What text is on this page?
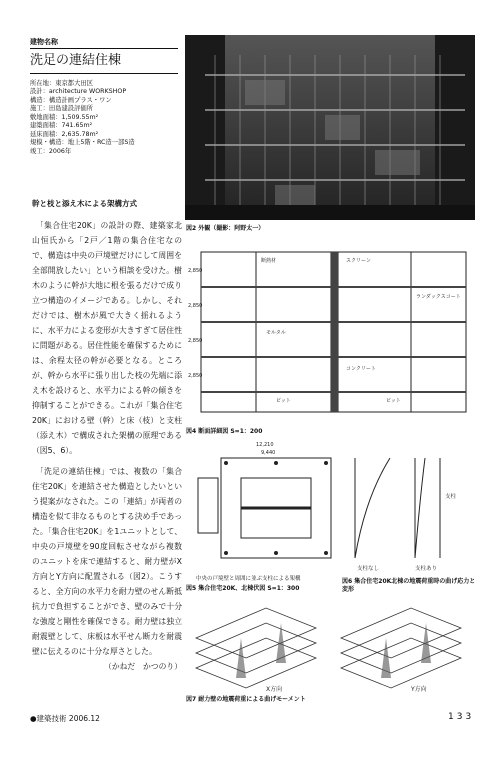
建物名称
洗足の連結住棟
所在地：東京都大田区
設計：architecture WORKSHOP
構造：構造計画プラス・ワン
施工：田島建設評価所
敷地面積：1,509.55m²
建築面積：741.65m²
延床面積：2,635.78m²
規模・構造：地上5階・RC造一部S造
竣工：2006年
幹と枝と添え木による架構方式

「集合住宅20K」の設計の際、建築家北山恒氏から「2戸／1階の集合住宅なので、構造は中央の戸境壁だけにして周囲を全部開放したい」という相談を受けた。樹木のように幹が大地に根を張るだけで成り立つ構造のイメージである。しかし、それだけでは、樹木が風で大きく揺れるように、水平力による変形が大きすぎて居住性に問題がある。居住性能を確保するためには、余程太径の幹が必要となる。ところが、幹から水平に張り出した枝の先端に添え木を設けると、水平力による幹の傾きを抑制することができる。これが「集合住宅20K」における壁（幹）と床（枝）と支柱（添え木）で構成された架構の原理である（図5、6）。

「洗足の連結住棟」では、複数の「集合住宅20K」を連結させた構造としたいという提案がなされた。この「連結」が両者の構造を似て非なるものとする決め手であった。「集合住宅20K」を1ユニットとして、中央の戸境壁を90度回転させながら複数のユニットを床で連結すると、耐力壁がX方向とY方向に配置される（図2）。こうすると、全方向の水平力を耐力壁のせん断抵抗力で負担することができ、壁のみで十分な強度と剛性を確保できる。耐力壁は独立耐震壁として、床板は水平せん断力を耐震壁に伝えるのに十分な厚さとした。

（かねだ　かつのり）
図2 外観（撮影：阿野太一）
断熱材	スクリーン
ランダックスコート
モルタル
コンクリート
ピット	ピット
2,850
2,850
2,850
2,850
図4 断面詳細図 S=1：200
12,210
9,440
中央の戸境壁と周囲に並ぶ支柱による架構
図5 集合住宅20K、北棟伏図 S=1：300
支柱
支柱なし	支柱あり
図6 集合住宅20K北棟の地震荷重時の曲げ応力と変形
X方向	Y方向
図7 耐力壁の地震荷重による曲げモーメント
●建築技術 2006.12	133
